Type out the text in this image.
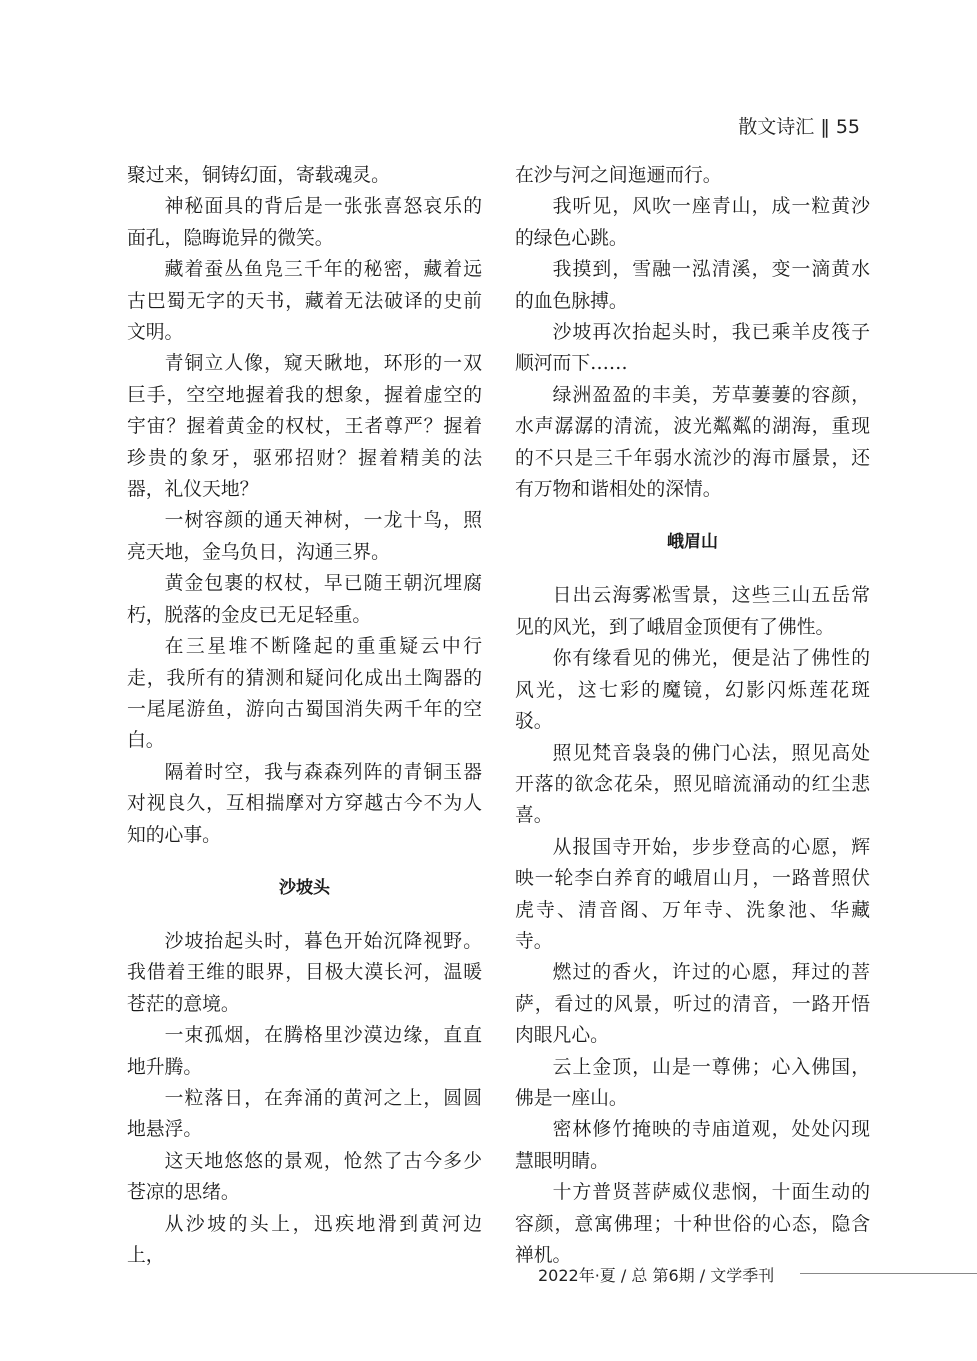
散文诗汇 ‖ 55

聚过来，铜铸幻面，寄载魂灵。

神秘面具的背后是一张张喜怒哀乐的面孔，隐晦诡异的微笑。

藏着蚕丛鱼凫三千年的秘密，藏着远古巴蜀无字的天书，藏着无法破译的史前文明。

青铜立人像，窥天瞅地，环形的一双巨手，空空地握着我的想象，握着虚空的宇宙？握着黄金的权杖，王者尊严？握着珍贵的象牙，驱邪招财？握着精美的法器，礼仪天地？

一树容颜的通天神树，一龙十鸟，照亮天地，金乌负日，沟通三界。

黄金包裹的权杖，早已随王朝沉埋腐朽，脱落的金皮已无足轻重。

在三星堆不断隆起的重重疑云中行走，我所有的猜测和疑问化成出土陶器的一尾尾游鱼，游向古蜀国消失两千年的空白。

隔着时空，我与森森列阵的青铜玉器对视良久，互相揣摩对方穿越古今不为人知的心事。

沙坡头

沙坡抬起头时，暮色开始沉降视野。我借着王维的眼界，目极大漠长河，温暖苍茫的意境。

一束孤烟，在腾格里沙漠边缘，直直地升腾。

一粒落日，在奔涌的黄河之上，圆圆地悬浮。

这天地悠悠的景观，怆然了古今多少苍凉的思绪。

从沙坡的头上，迅疾地滑到黄河边上，

在沙与河之间迤逦而行。

我听见，风吹一座青山，成一粒黄沙的绿色心跳。

我摸到，雪融一泓清溪，变一滴黄水的血色脉搏。

沙坡再次抬起头时，我已乘羊皮筏子顺河而下……

绿洲盈盈的丰美，芳草萋萋的容颜，水声潺潺的清流，波光粼粼的湖海，重现的不只是三千年弱水流沙的海市蜃景，还有万物和谐相处的深情。

峨眉山

日出云海雾凇雪景，这些三山五岳常见的风光，到了峨眉金顶便有了佛性。

你有缘看见的佛光，便是沾了佛性的风光，这七彩的魔镜，幻影闪烁莲花斑驳。

照见梵音袅袅的佛门心法，照见高处开落的欲念花朵，照见暗流涌动的红尘悲喜。

从报国寺开始，步步登高的心愿，辉映一轮李白养育的峨眉山月，一路普照伏虎寺、清音阁、万年寺、洗象池、华藏寺。

燃过的香火，许过的心愿，拜过的菩萨，看过的风景，听过的清音，一路开悟肉眼凡心。

云上金顶，山是一尊佛；心入佛国，佛是一座山。

密林修竹掩映的寺庙道观，处处闪现慧眼明睛。

十方普贤菩萨威仪悲悯，十面生动的容颜，意寓佛理；十种世俗的心态，隐含禅机。

2022年·夏 / 总 第6期 / 文学季刊
